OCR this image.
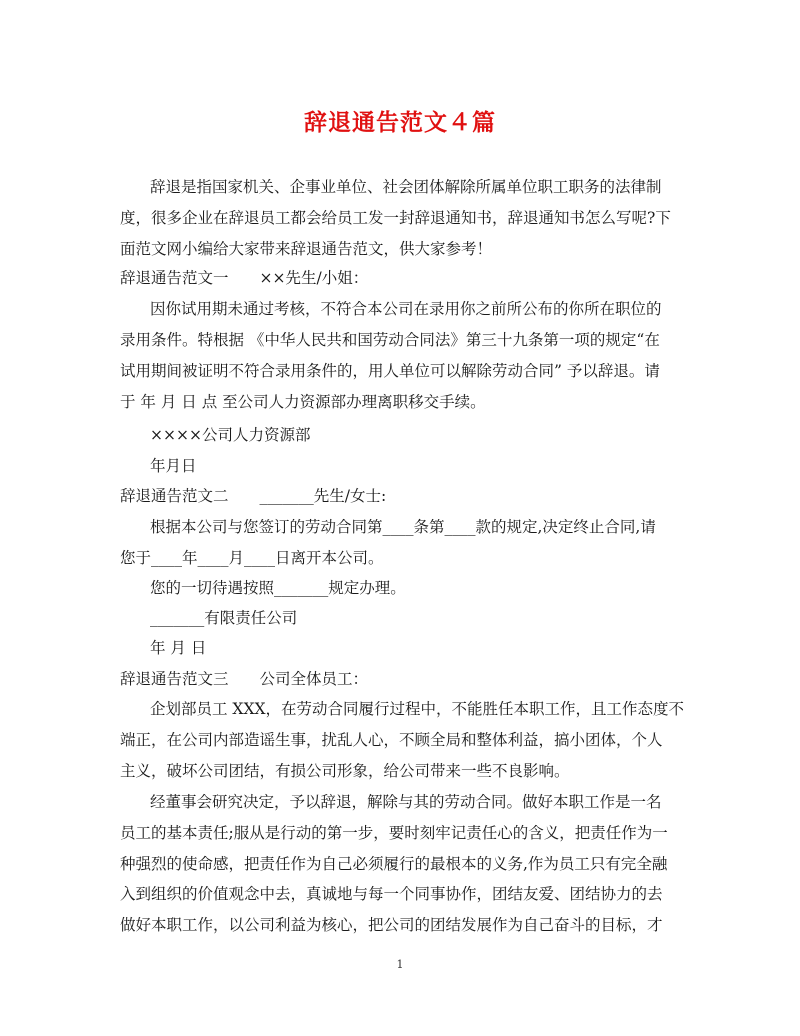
辞退通告范文４篇
辞退是指国家机关、企事业单位、社会团体解除所属单位职工职务的法律制
度，很多企业在辞退员工都会给员工发一封辞退通知书，辞退通知书怎么写呢?下
面范文网小编给大家带来辞退通告范文，供大家参考！
辞退通告范文一　　××先生/小姐：
因你试用期未通过考核，不符合本公司在录用你之前所公布的你所在职位的
录用条件。特根据 《中华人民共和国劳动合同法》第三十九条第一项的规定“在
试用期间被证明不符合录用条件的，用人单位可以解除劳动合同” 予以辞退。请
于 年 月 日 点 至公司人力资源部办理离职移交手续。
××××公司人力资源部
年月日
辞退通告范文二　　_______先生/女士:
根据本公司与您签订的劳动合同第____条第____款的规定,决定终止合同,请
您于____年____月____日离开本公司。
您的一切待遇按照_______规定办理。
_______有限责任公司
年 月 日
辞退通告范文三　　公司全体员工：
企划部员工 XXX，在劳动合同履行过程中，不能胜任本职工作，且工作态度不
端正，在公司内部造谣生事，扰乱人心，不顾全局和整体利益，搞小团体，个人
主义，破坏公司团结，有损公司形象，给公司带来一些不良影响。
经董事会研究决定，予以辞退，解除与其的劳动合同。做好本职工作是一名
员工的基本责任;服从是行动的第一步，要时刻牢记责任心的含义，把责任作为一
种强烈的使命感，把责任作为自己必须履行的最根本的义务,作为员工只有完全融
入到组织的价值观念中去，真诚地与每一个同事协作，团结友爱、团结协力的去
做好本职工作，以公司利益为核心，把公司的团结发展作为自己奋斗的目标，才
1
